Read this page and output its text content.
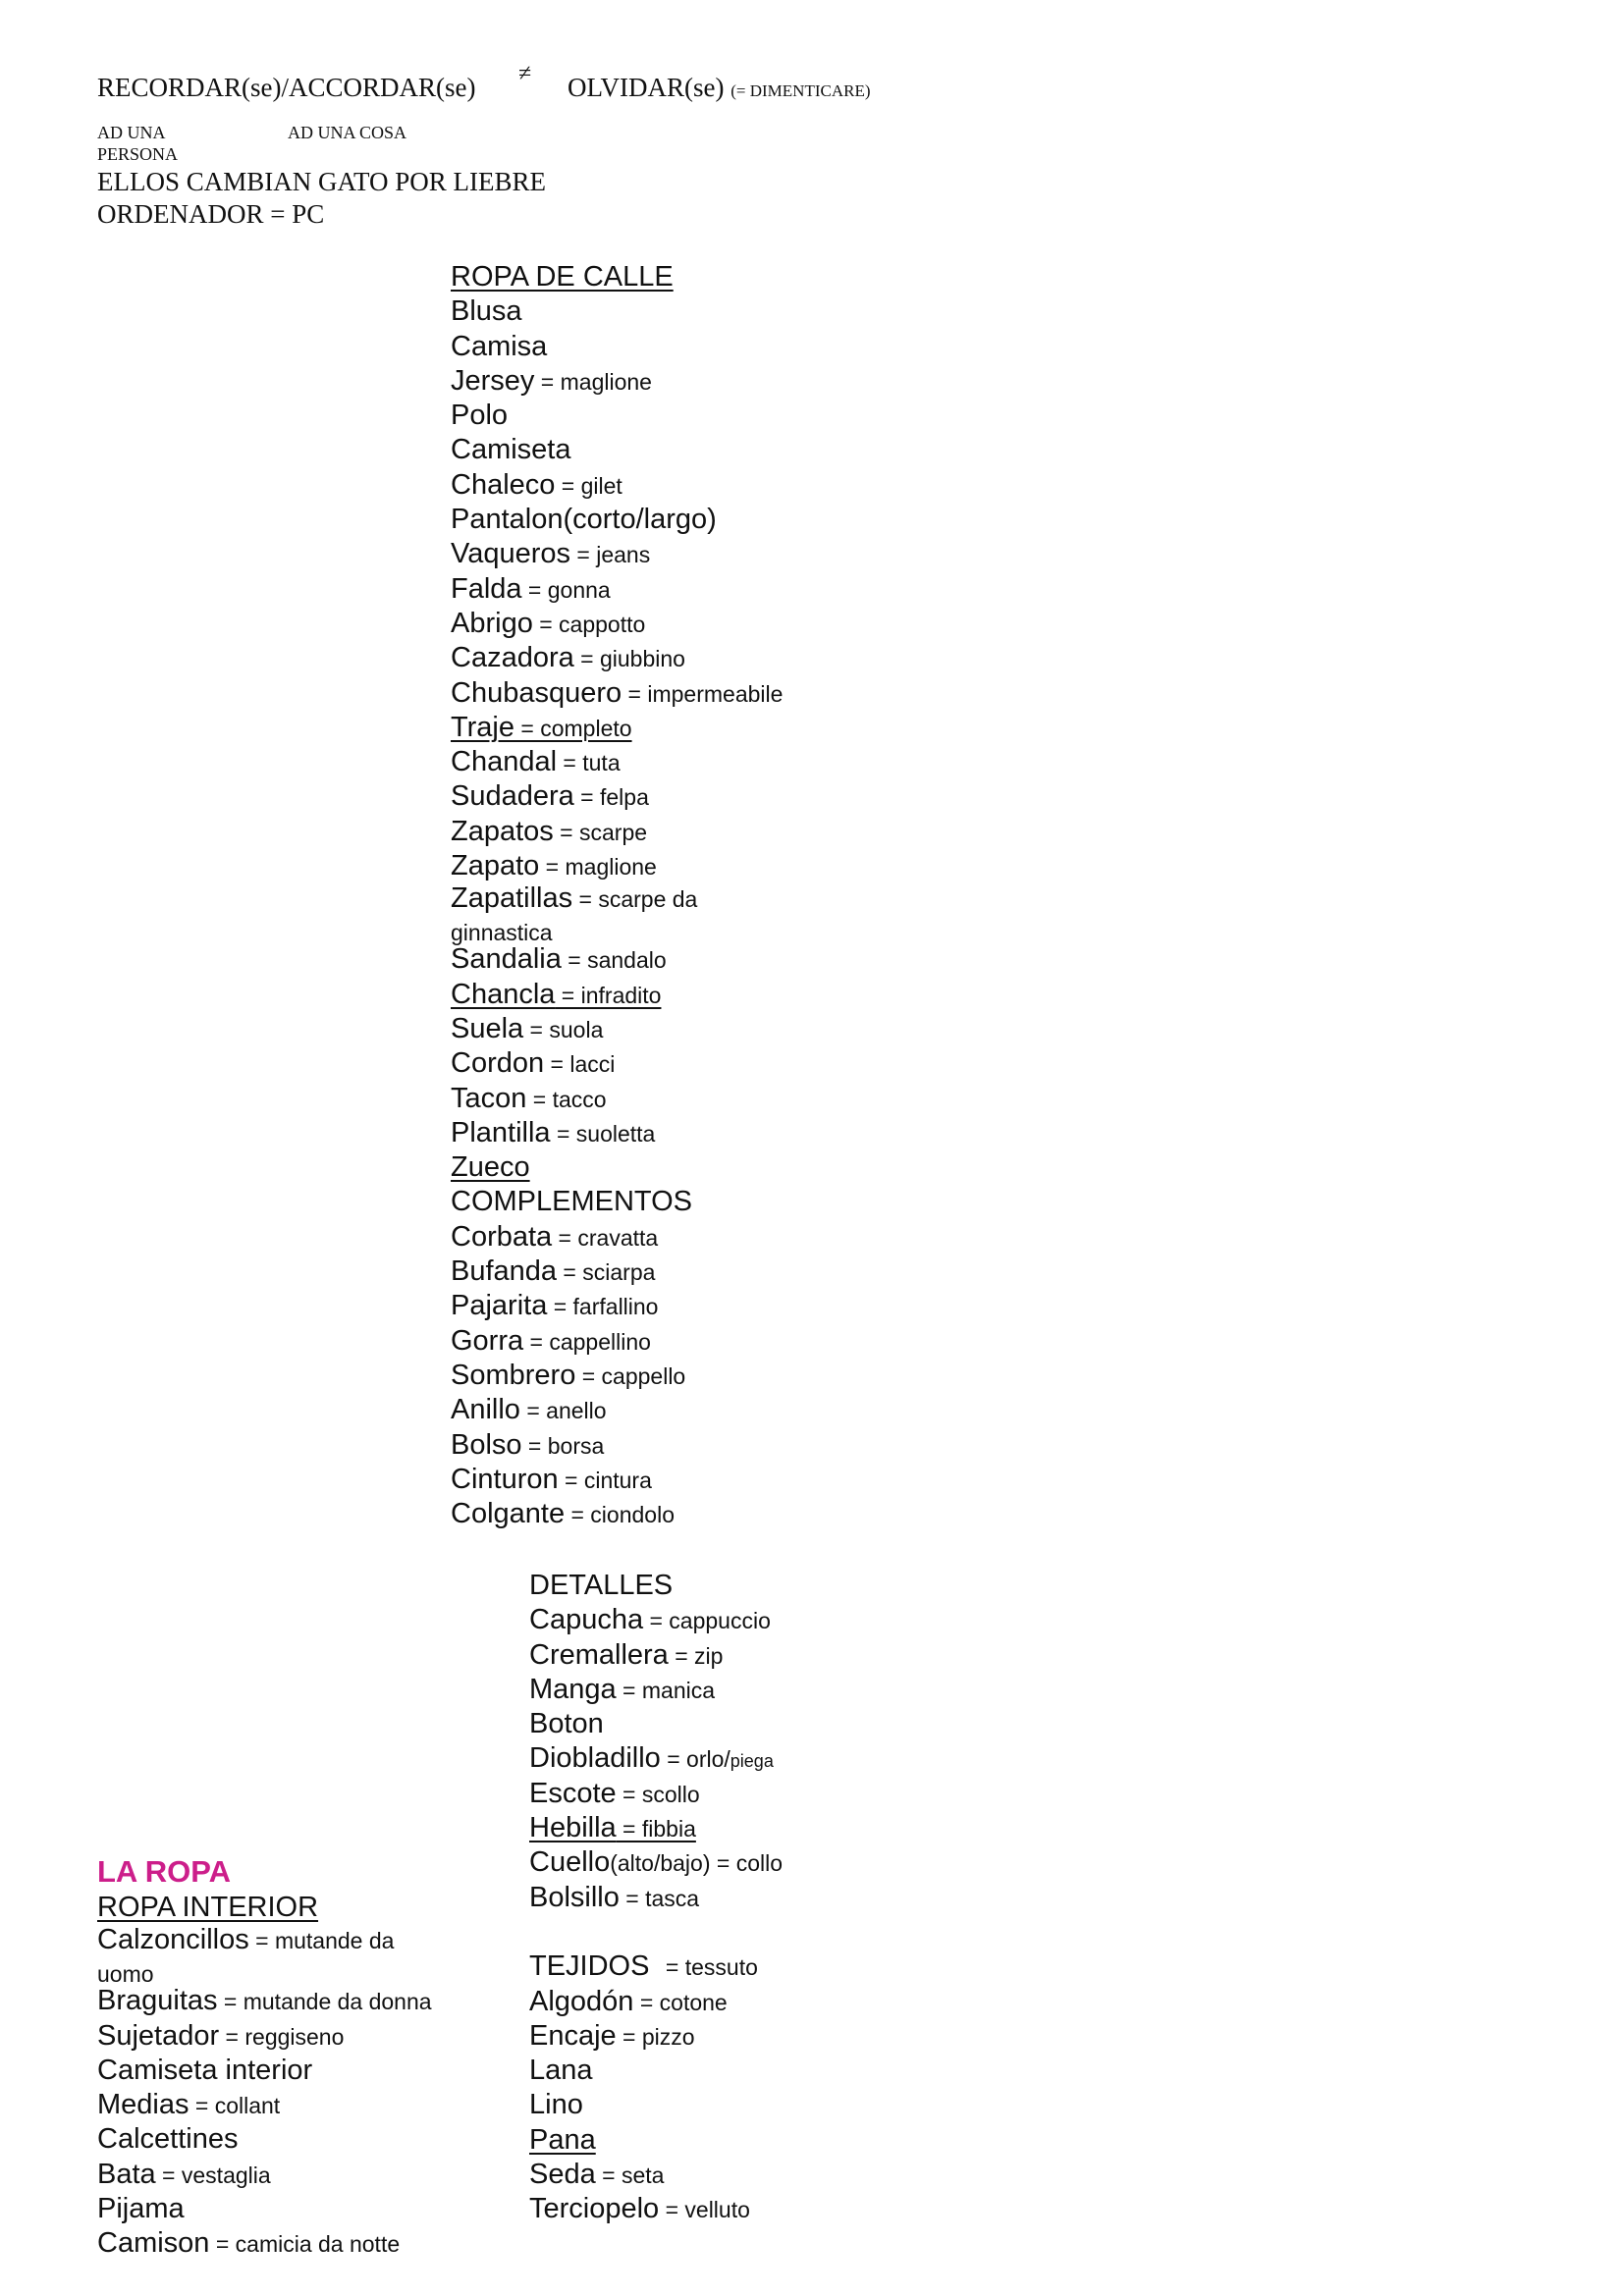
RECORDAR(se)/ACCORDAR(se) ≠ OLVIDAR(se) (= DIMENTICARE)
AD UNA
PERSONA
AD UNA COSA
ELLOS CAMBIAN GATO POR LIEBRE
ORDENADOR = PC
ROPA DE CALLE
Blusa
Camisa
Jersey = maglione
Polo
Camiseta
Chaleco = gilet
Pantalon(corto/largo)
Vaqueros = jeans
Falda = gonna
Abrigo = cappotto
Cazadora = giubbino
Chubasquero = impermeabile
Traje = completo
Chandal = tuta
Sudadera = felpa
Zapatos = scarpe
Zapato = maglione
Zapatillas = scarpe da ginnastica
Sandalia = sandalo
Chancla = infradito
Suela = suola
Cordon = lacci
Tacon = tacco
Plantilla = suoletta
Zueco
COMPLEMENTOS
Corbata = cravatta
Bufanda = sciarpa
Pajarita = farfallino
Gorra = cappellino
Sombrero = cappello
Anillo = anello
Bolso = borsa
Cinturon = cintura
Colgante = ciondolo
DETALLES
Capucha = cappuccio
Cremallera = zip
Manga = manica
Boton
Diobladillo = orlo/piega
Escote = scollo
Hebilla = fibbia
Cuello(alto/bajo) = collo
Bolsillo = tasca
TEJIDOS = tessuto
Algodón = cotone
Encaje = pizzo
Lana
Lino
Pana
Seda = seta
Terciopelo = velluto
LA ROPA
ROPA INTERIOR
Calzoncillos = mutande da uomo
Braguitas = mutande da donna
Sujetador = reggiseno
Camiseta interior
Medias = collant
Calcettines
Bata = vestaglia
Pijama
Camison = camicia da notte
